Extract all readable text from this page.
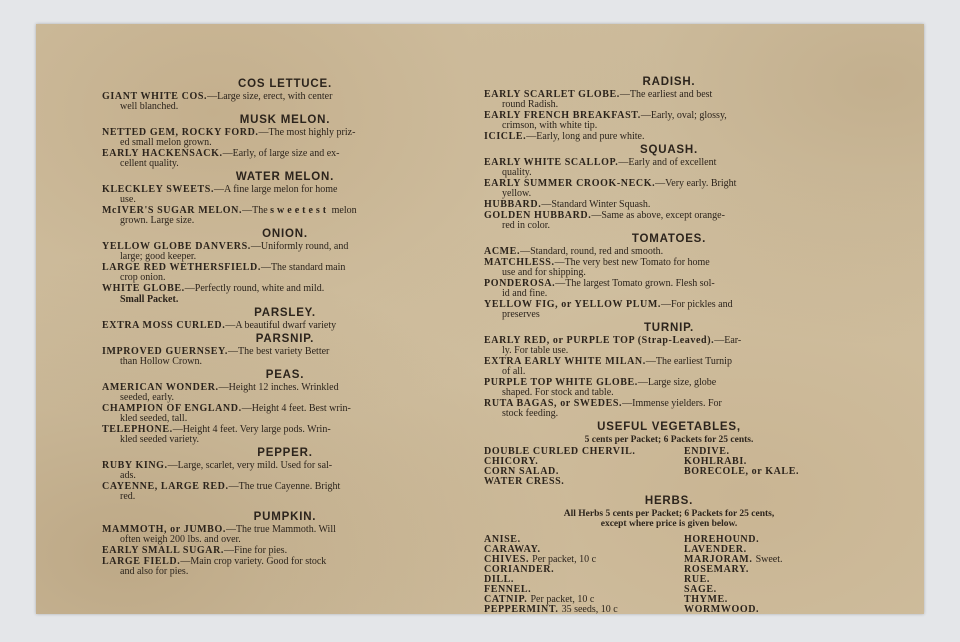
COS LETTUCE.
GIANT WHITE COS.—Large size, erect, with center
well blanched.
MUSK MELON.
NETTED GEM, ROCKY FORD.—The most highly priz-
ed small melon grown.
EARLY HACKENSACK.—Early, of large size and ex-
cellent quality.
WATER MELON.
KLECKLEY SWEETS.—A fine large melon for home
use.
McIVER'S SUGAR MELON.—The sweetest melon
grown. Large size.
ONION.
YELLOW GLOBE DANVERS.—Uniformly round, and
large; good keeper.
LARGE RED WETHERSFIELD.—The standard main
crop onion.
WHITE GLOBE.—Perfectly round, white and mild.
Small Packet.
PARSLEY.
EXTRA MOSS CURLED.—A beautiful dwarf variety
PARSNIP.
IMPROVED GUERNSEY.—The best variety Better
than Hollow Crown.
PEAS.
AMERICAN WONDER.—Height 12 inches. Wrinkled
seeded, early.
CHAMPION OF ENGLAND.—Height 4 feet. Best wrin-
kled seeded, tall.
TELEPHONE.—Height 4 feet. Very large pods. Wrin-
kled seeded variety.
PEPPER.
RUBY KING.—Large, scarlet, very mild. Used for sal-
ads.
CAYENNE, LARGE RED.—The true Cayenne. Bright
red.
PUMPKIN.
MAMMOTH, or JUMBO.—The true Mammoth. Will
often weigh 200 lbs. and over.
EARLY SMALL SUGAR.—Fine for pies.
LARGE FIELD.—Main crop variety. Good for stock
and also for pies.
RADISH.
EARLY SCARLET GLOBE.—The earliest and best
round Radish.
EARLY FRENCH BREAKFAST.—Early, oval; glossy,
crimson, with white tip.
ICICLE.—Early, long and pure white.
SQUASH.
EARLY WHITE SCALLOP.—Early and of excellent
quality.
EARLY SUMMER CROOK-NECK.—Very early. Bright
yellow.
HUBBARD.—Standard Winter Squash.
GOLDEN HUBBARD.—Same as above, except orange-
red in color.
TOMATOES.
ACME.—Standard, round, red and smooth.
MATCHLESS.—The very best new Tomato for home
use and for shipping.
PONDEROSA.—The largest Tomato grown. Flesh sol-
id and fine.
YELLOW FIG, or YELLOW PLUM.—For pickles and
preserves
TURNIP.
EARLY RED, or PURPLE TOP (Strap-Leaved).—Ear-
ly. For table use.
EXTRA EARLY WHITE MILAN.—The earliest Turnip
of all.
PURPLE TOP WHITE GLOBE.—Large size, globe
shaped. For stock and table.
RUTA BAGAS, or SWEDES.—Immense yielders. For
stock feeding.
USEFUL VEGETABLES,
5 cents per Packet; 6 Packets for 25 cents.
DOUBLE CURLED CHERVIL.	ENDIVE.
CHICORY.	KOHLRABI.
CORN SALAD.	BORECOLE, or KALE.
WATER CRESS.
HERBS.
All Herbs 5 cents per Packet; 6 Packets for 25 cents,
except where price is given below.
ANISE.	HOREHOUND.
CARAWAY.	LAVENDER.
CHIVES. Per packet, 10 c	MARJORAM. Sweet.
CORIANDER.	ROSEMARY.
DILL.	RUE.
FENNEL.	SAGE.
CATNIP. Per packet, 10 c	THYME.
PEPPERMINT. 35 seeds, 10 c	WORMWOOD.
